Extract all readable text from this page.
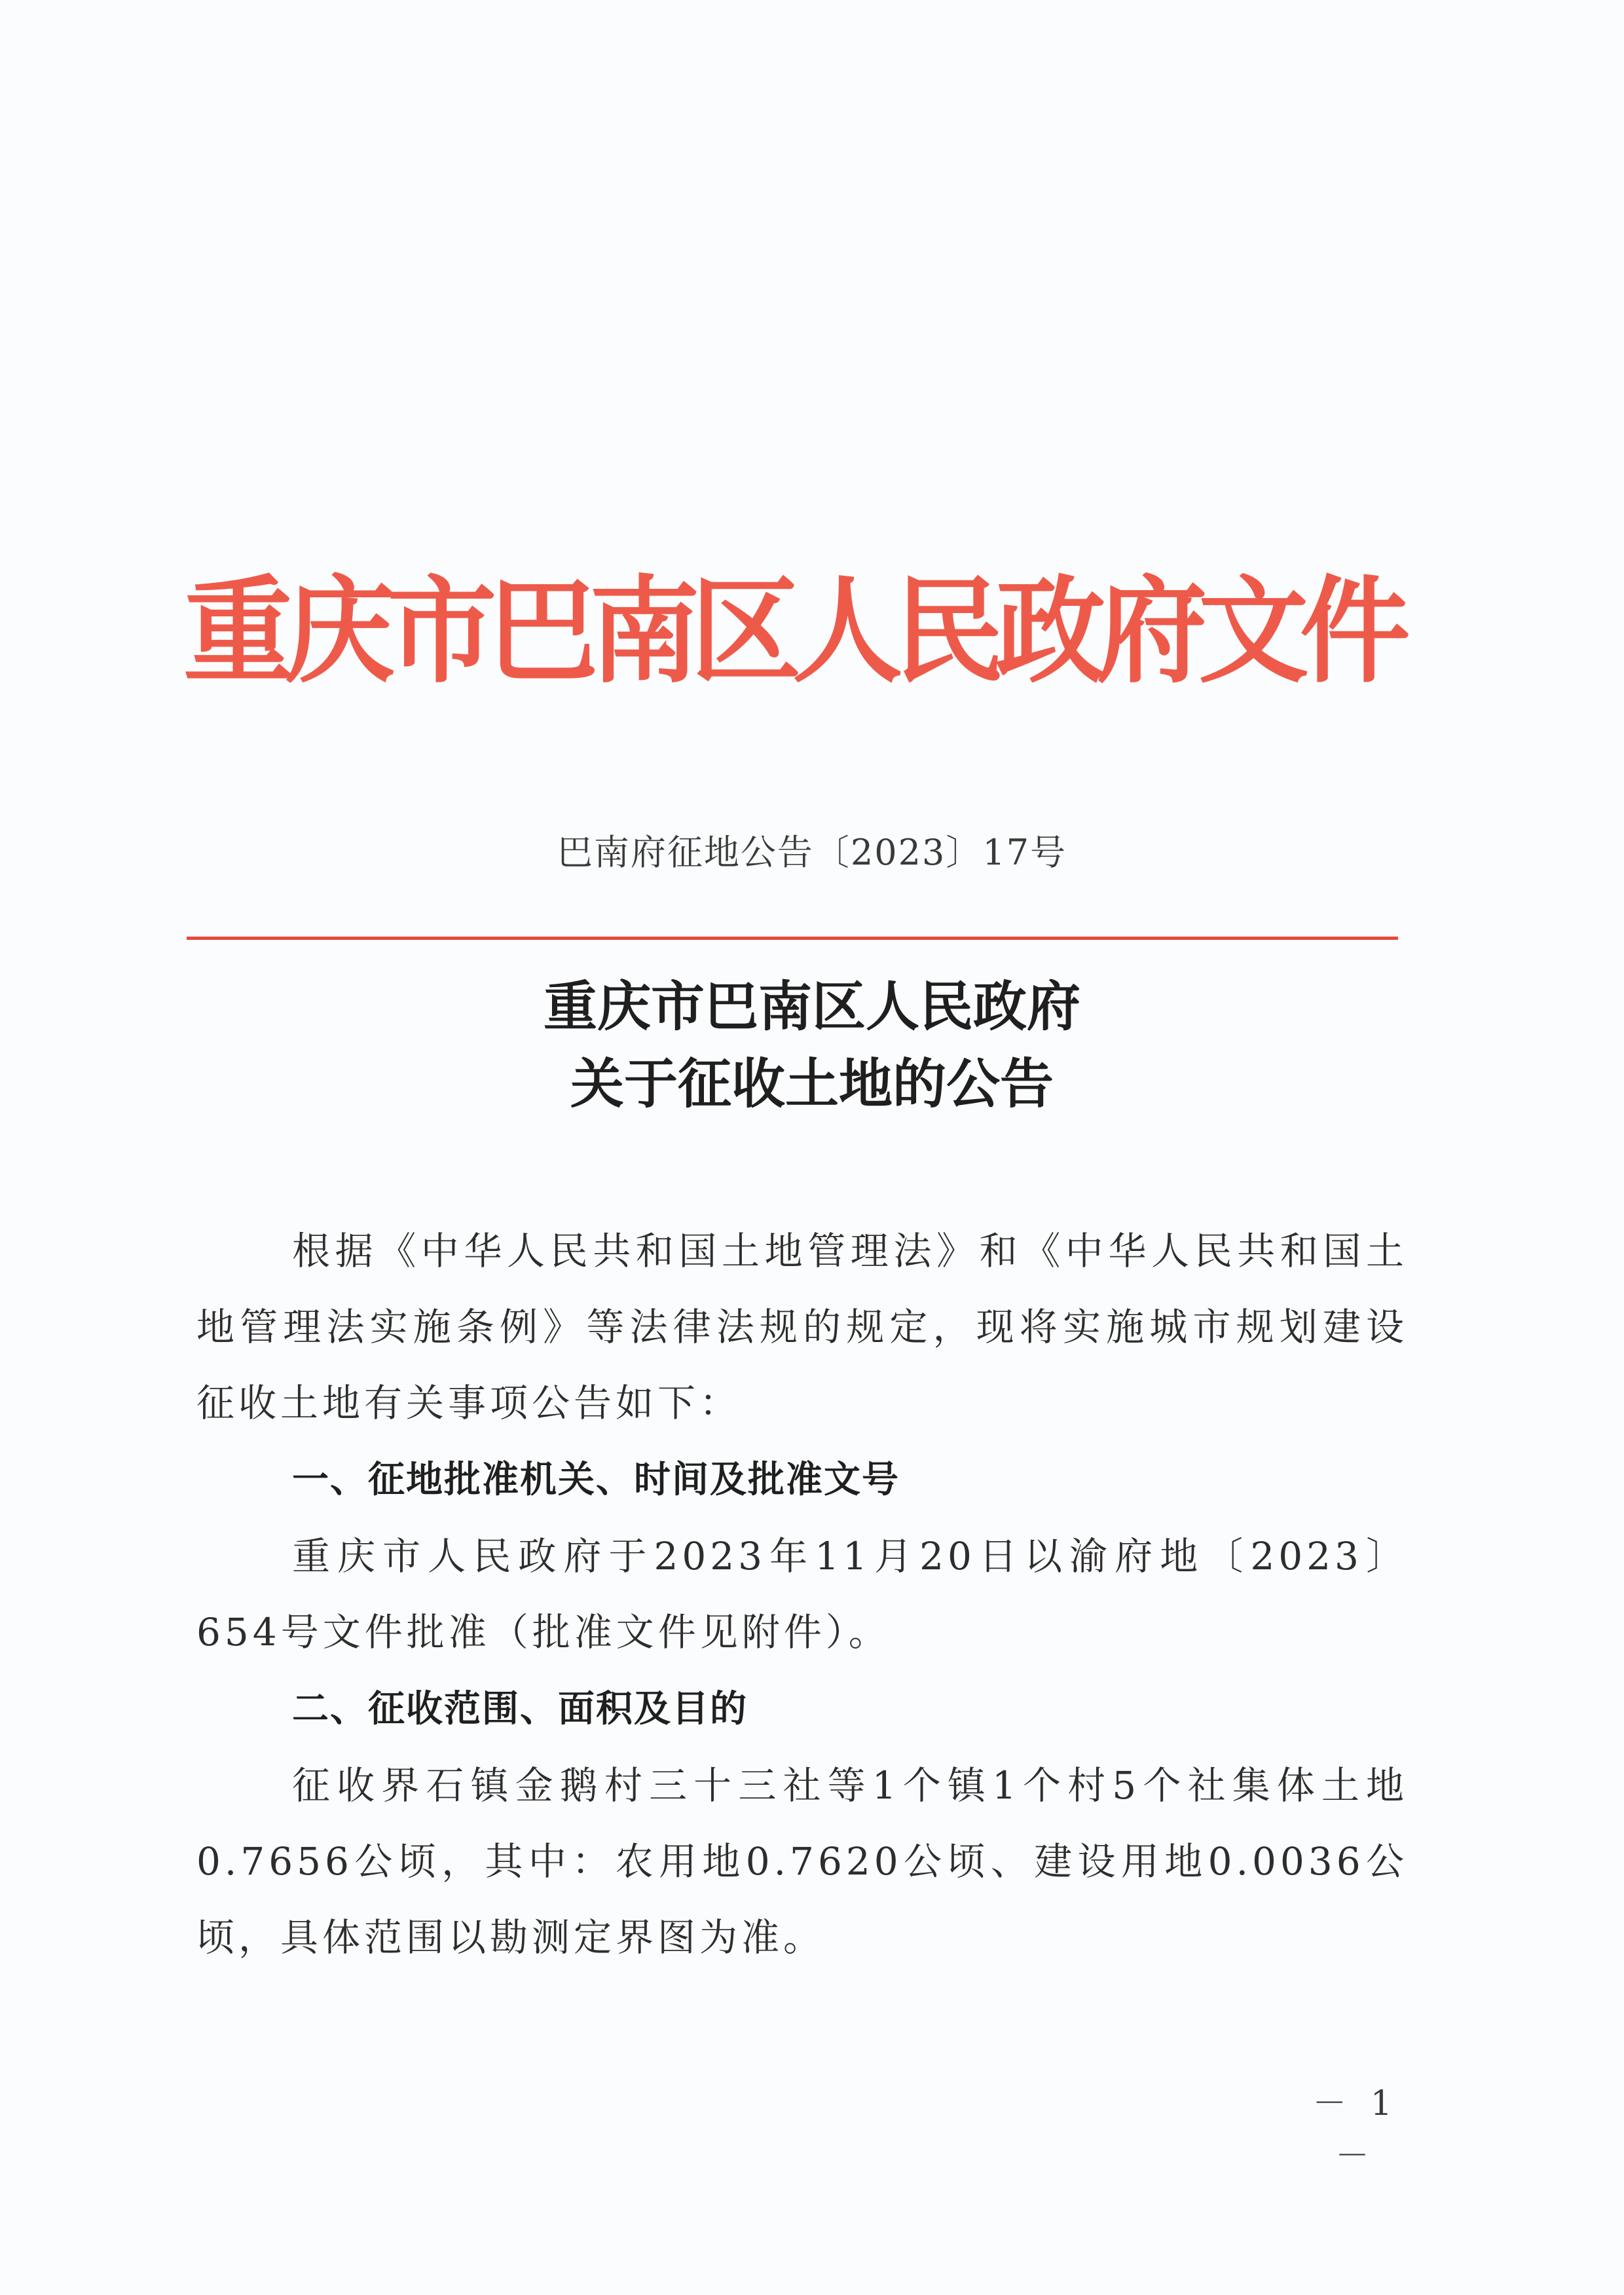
重庆市巴南区人民政府文件
巴南府征地公告〔2023〕17号
重庆市巴南区人民政府
关于征收土地的公告
根据《中华人民共和国土地管理法》和《中华人民共和国土地管理法实施条例》等法律法规的规定，现将实施城市规划建设征收土地有关事项公告如下：
一、征地批准机关、时间及批准文号
重庆市人民政府于2023年11月20日以渝府地〔2023〕654号文件批准（批准文件见附件）。
二、征收范围、面积及目的
征收界石镇金鹅村三十三社等1个镇1个村5个社集体土地0.7656公顷，其中：农用地0.7620公顷、建设用地0.0036公顷，具体范围以勘测定界图为准。
－ 1 －
